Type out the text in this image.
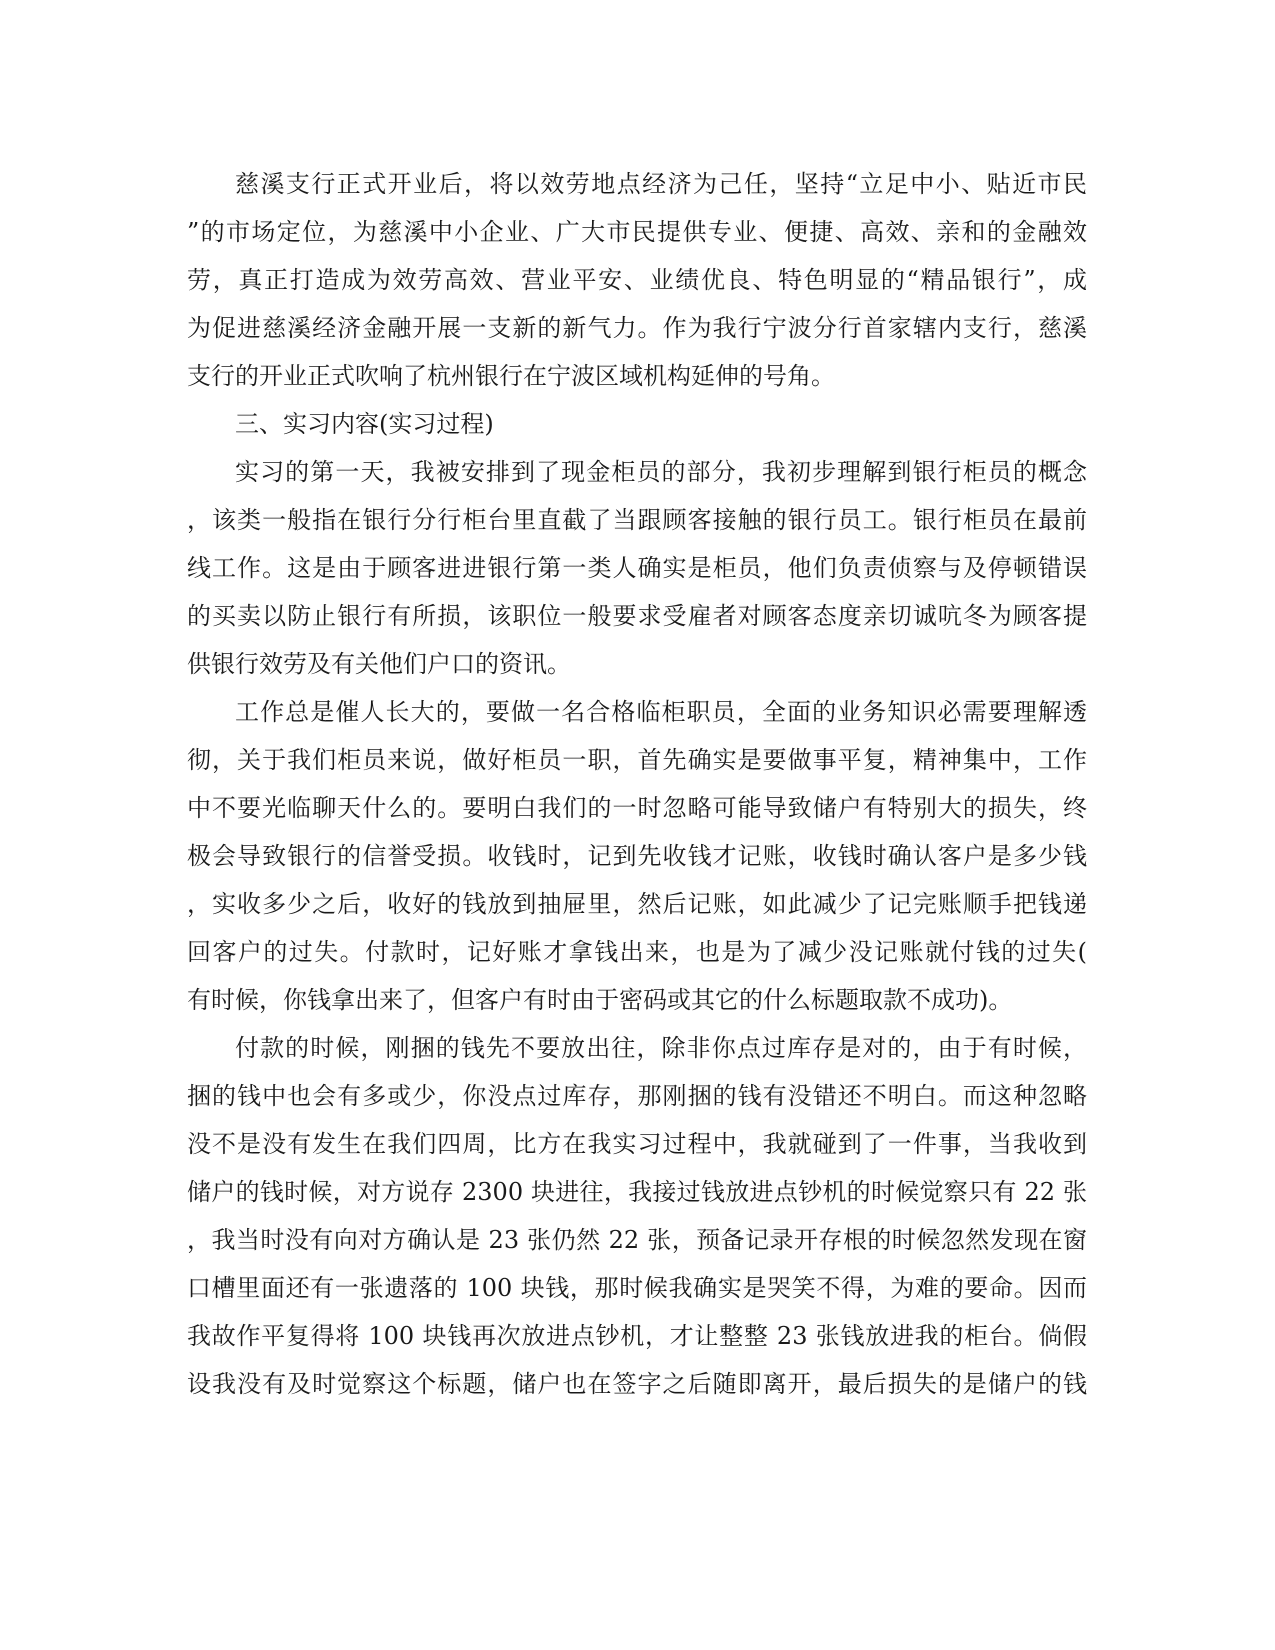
慈溪支行正式开业后，将以效劳地点经济为己任，坚持“立足中小、贴近市民
”的市场定位，为慈溪中小企业、广大市民提供专业、便捷、高效、亲和的金融效
劳，真正打造成为效劳高效、营业平安、业绩优良、特色明显的“精品银行”，成
为促进慈溪经济金融开展一支新的新气力。作为我行宁波分行首家辖内支行，慈溪
支行的开业正式吹响了杭州银行在宁波区域机构延伸的号角。
三、实习内容(实习过程)
实习的第一天，我被安排到了现金柜员的部分，我初步理解到银行柜员的概念
，该类一般指在银行分行柜台里直截了当跟顾客接触的银行员工。银行柜员在最前
线工作。这是由于顾客进进银行第一类人确实是柜员，他们负责侦察与及停顿错误
的买卖以防止银行有所损，该职位一般要求受雇者对顾客态度亲切诚吭冬为顾客提
供银行效劳及有关他们户口的资讯。
工作总是催人长大的，要做一名合格临柜职员，全面的业务知识必需要理解透
彻，关于我们柜员来说，做好柜员一职，首先确实是要做事平复，精神集中，工作
中不要光临聊天什么的。要明白我们的一时忽略可能导致储户有特别大的损失，终
极会导致银行的信誉受损。收钱时，记到先收钱才记账，收钱时确认客户是多少钱
，实收多少之后，收好的钱放到抽屉里，然后记账，如此减少了记完账顺手把钱递
回客户的过失。付款时，记好账才拿钱出来，也是为了减少没记账就付钱的过失(
有时候，你钱拿出来了，但客户有时由于密码或其它的什么标题取款不成功)。
付款的时候，刚捆的钱先不要放出往，除非你点过库存是对的，由于有时候，
捆的钱中也会有多或少，你没点过库存，那刚捆的钱有没错还不明白。而这种忽略
没不是没有发生在我们四周，比方在我实习过程中，我就碰到了一件事，当我收到
储户的钱时候，对方说存 2300 块进往，我接过钱放进点钞机的时候觉察只有 22 张
，我当时没有向对方确认是 23 张仍然 22 张，预备记录开存根的时候忽然发现在窗
口槽里面还有一张遗落的 100 块钱，那时候我确实是哭笑不得，为难的要命。因而
我故作平复得将 100 块钱再次放进点钞机，才让整整 23 张钱放进我的柜台。倘假
设我没有及时觉察这个标题，储户也在签字之后随即离开，最后损失的是储户的钱
